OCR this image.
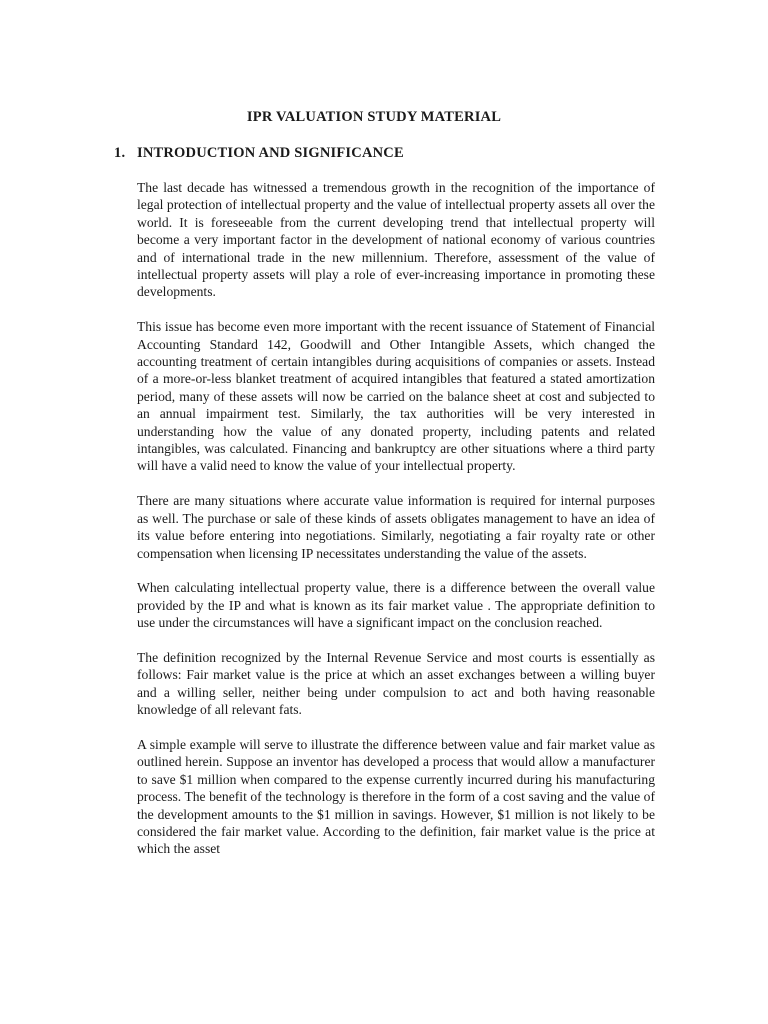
IPR VALUATION STUDY MATERIAL
1. INTRODUCTION AND SIGNIFICANCE

The last decade has witnessed a tremendous growth in the recognition of the importance of legal protection of intellectual property and the value of intellectual property assets all over the world. It is foreseeable from the current developing trend that intellectual property will become a very important factor in the development of national economy of various countries and of international trade in the new millennium. Therefore, assessment of the value of intellectual property assets will play a role of ever-increasing importance in promoting these developments.

This issue has become even more important with the recent issuance of Statement of Financial Accounting Standard 142, Goodwill and Other Intangible Assets, which changed the accounting treatment of certain intangibles during acquisitions of companies or assets. Instead of a more-or-less blanket treatment of acquired intangibles that featured a stated amortization period, many of these assets will now be carried on the balance sheet at cost and subjected to an annual impairment test. Similarly, the tax authorities will be very interested in understanding how the value of any donated property, including patents and related intangibles, was calculated. Financing and bankruptcy are other situations where a third party will have a valid need to know the value of your intellectual property.

There are many situations where accurate value information is required for internal purposes as well. The purchase or sale of these kinds of assets obligates management to have an idea of its value before entering into negotiations. Similarly, negotiating a fair royalty rate or other compensation when licensing IP necessitates understanding the value of the assets.

When calculating intellectual property value, there is a difference between the overall value provided by the IP and what is known as its fair market value . The appropriate definition to use under the circumstances will have a significant impact on the conclusion reached.

The definition recognized by the Internal Revenue Service and most courts is essentially as follows: Fair market value is the price at which an asset exchanges between a willing buyer and a willing seller, neither being under compulsion to act and both having reasonable knowledge of all relevant fats.

A simple example will serve to illustrate the difference between value and fair market value as outlined herein. Suppose an inventor has developed a process that would allow a manufacturer to save $1 million when compared to the expense currently incurred during his manufacturing process. The benefit of the technology is therefore in the form of a cost saving and the value of the development amounts to the $1 million in savings. However, $1 million is not likely to be considered the fair market value. According to the definition, fair market value is the price at which the asset
